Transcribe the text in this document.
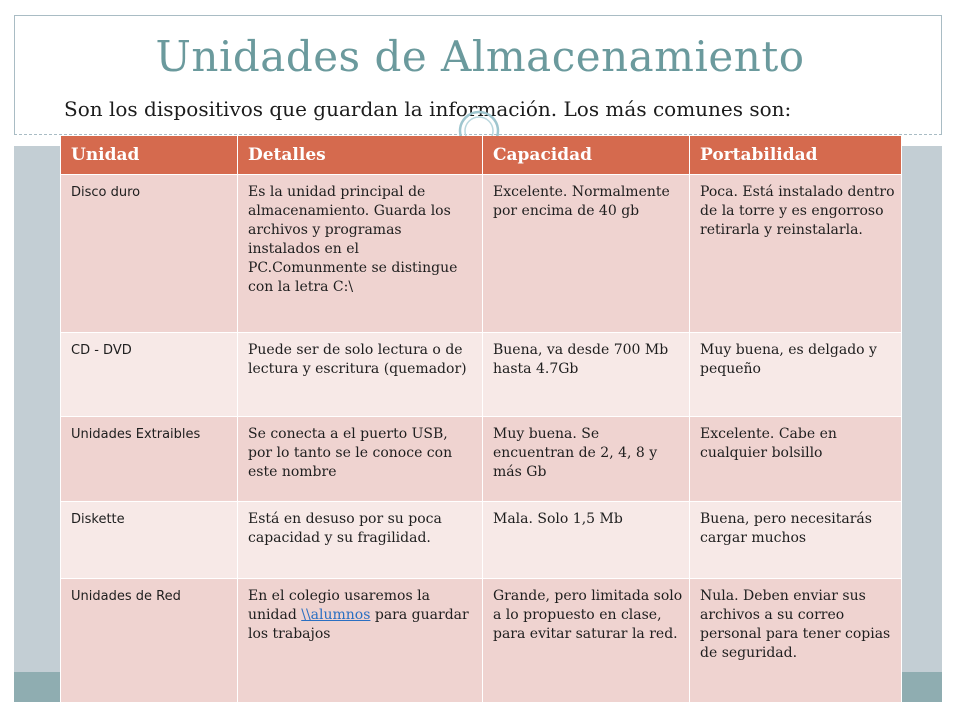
Unidades de Almacenamiento

Son los dispositivos que guardan la información. Los más comunes son:

Unidad	Detalles	Capacidad	Portabilidad
Disco duro	Es la unidad principal de almacenamiento. Guarda los archivos y programas instalados en el PC.Comunmente se distingue con la letra C:\	Excelente. Normalmente por encima de 40 gb	Poca. Está instalado dentro de la torre y es engorroso retirarla y reinstalarla.
CD - DVD	Puede ser de solo lectura o de lectura y escritura (quemador)	Buena, va desde 700 Mb hasta 4.7Gb	Muy buena, es delgado y pequeño
Unidades Extraibles	Se conecta a el puerto USB, por lo tanto se le conoce con este nombre	Muy buena. Se encuentran de 2, 4, 8 y más Gb	Excelente. Cabe en cualquier bolsillo
Diskette	Está en desuso por su poca capacidad y su fragilidad.	Mala. Solo 1,5 Mb	Buena, pero necesitarás cargar muchos
Unidades de Red	En el colegio usaremos la unidad \\alumnos para guardar los trabajos	Grande, pero limitada solo a lo propuesto en clase, para evitar saturar la red.	Nula. Deben enviar sus archivos a su correo personal para tener copias de seguridad.
